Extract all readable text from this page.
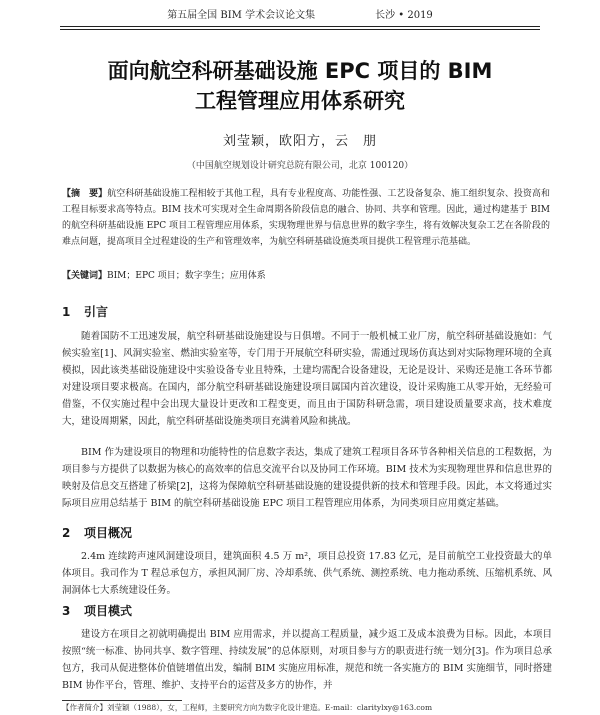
第五届全国 BIM 学术会议论文集	长沙 • 2019
面向航空科研基础设施 EPC 项目的 BIM
工程管理应用体系研究
刘莹颖，欧阳方，云　朋
（中国航空规划设计研究总院有限公司，北京 100120）
【摘　要】航空科研基础设施工程相较于其他工程，具有专业程度高、功能性强、工艺设备复杂、施工组织复杂、投资高和工程目标要求高等特点。BIM 技术可实现对全生命周期各阶段信息的融合、协同、共享和管理。因此，通过构建基于 BIM 的航空科研基础设施 EPC 项目工程管理应用体系，实现物理世界与信息世界的数字孪生，将有效解决复杂工艺在各阶段的难点问题，提高项目全过程建设的生产和管理效率，为航空科研基础设施类项目提供工程管理示范基础。
【关键词】BIM；EPC 项目；数字孪生；应用体系
1 引言
随着国防不工迅速发展，航空科研基础设施建设与日俱增。不同于一般机械工业厂房，航空科研基础设施如：气候实验室[1]、风洞实验室、燃油实验室等，专门用于开展航空科研实验，需通过现场仿真达到对实际物理环境的全真模拟，因此该类基础设施建设中实验设备专业且特殊，土建均需配合设备建设，无论是设计、采购还是施工各环节都对建设项目要求极高。在国内，部分航空科研基础设施建设项目属国内首次建设，设计采购施工从零开始，无经验可借鉴，不仅实施过程中会出现大量设计更改和工程变更，而且由于国防科研急需，项目建设质量要求高，技术难度大，建设周期紧，因此，航空科研基础设施类项目充满着风险和挑战。
BIM 作为建设项目的物理和功能特性的信息数字表达，集成了建筑工程项目各环节各种相关信息的工程数据，为项目参与方提供了以数据为核心的高效率的信息交流平台以及协同工作环境。BIM 技术为实现物理世界和信息世界的映射及信息交互搭建了桥梁[2]，这将为保障航空科研基础设施的建设提供新的技术和管理手段。因此，本文将通过实际项目应用总结基于 BIM 的航空科研基础设施 EPC 项目工程管理应用体系，为同类项目应用奠定基础。
2 项目概况
2.4m 连续跨声速风洞建设项目，建筑面积 4.5 万 m²，项目总投资 17.83 亿元，是目前航空工业投资最大的单体项目。我司作为 T 程总承包方，承担风洞厂房、冷却系统、供气系统、测控系统、电力拖动系统、压缩机系统、风洞洞体七大系统建设任务。
3 项目模式
建设方在项目之初就明确提出 BIM 应用需求，并以提高工程质量，减少返工及成本浪费为目标。因此，本项目按照“统一标准、协同共享、数字管理、持续发展”的总体原则，对项目参与方的职责进行统一划分[3]。作为项目总承包方，我司从促进整体价值链增值出发，编制 BIM 实施应用标准，规范和统一各实施方的 BIM 实施细节，同时搭建 BIM 协作平台，管理、维护、支持平台的运营及多方的协作，并
【作者简介】刘莹颖（1988），女，工程师，主要研究方向为数字化设计建造。E-mail：claritylxy@163.com
